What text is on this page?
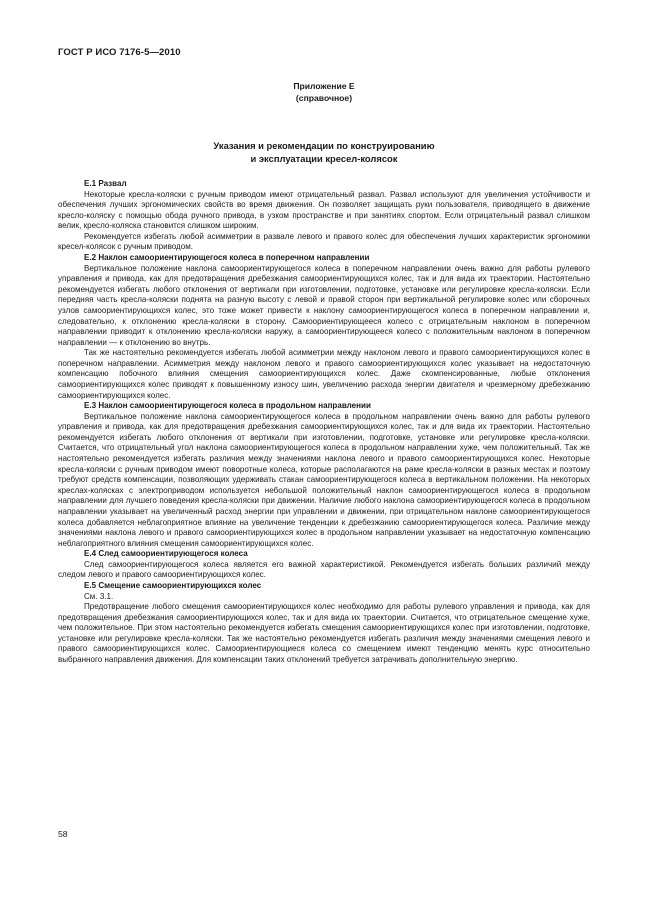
ГОСТ Р ИСО 7176-5—2010
Приложение Е
(справочное)
Указания и рекомендации по конструированию
и эксплуатации кресел-колясок
Е.1 Развал

Некоторые кресла-коляски с ручным приводом имеют отрицательный развал. Развал используют для увеличения устойчивости и обеспечения лучших эргономических свойств во время движения. Он позволяет защищать руки пользователя, приводящего в движение кресло-коляску с помощью обода ручного привода, в узком пространстве и при занятиях спортом. Если отрицательный развал слишком велик, кресло-коляска становится слишком широким.

Рекомендуется избегать любой асимметрии в развале левого и правого колес для обеспечения лучших характеристик эргономики кресел-колясок с ручным приводом.

Е.2 Наклон самоориентирующегося колеса в поперечном направлении

Вертикальное положение наклона самоориентирующегося колеса в поперечном направлении очень важно для работы рулевого управления и привода, как для предотвращения дребезжания самоориентирующихся колес, так и для вида их траектории. Настоятельно рекомендуется избегать любого отклонения от вертикали при изготовлении, подготовке, установке или регулировке кресла-коляски. Если передняя часть кресла-коляски поднята на разную высоту с левой и правой сторон при вертикальной регулировке колес или сборочных узлов самоориентирующихся колес, это тоже может привести к наклону самоориентирующегося колеса в поперечном направлении и, следовательно, к отклонению кресла-коляски в сторону. Самоориентирующееся колесо с отрицательным наклоном в поперечном направлении приводит к отклонению кресла-коляски наружу, а самоориентирующееся колесо с положительным наклоном в поперечном направлении — к отклонению во внутрь.

Так же настоятельно рекомендуется избегать любой асимметрии между наклоном левого и правого самоориентирующихся колес в поперечном направлении. Асимметрия между наклоном левого и правого самоориентирующихся колес указывает на недостаточную компенсацию побочного влияния смещения самоориентирующихся колес. Даже скомпенсированные, любые отклонения самоориентирующихся колес приводят к повышенному износу шин, увеличению расхода энергии двигателя и чрезмерному дребезжанию самоориентирующихся колес.

Е.3 Наклон самоориентирующегося колеса в продольном направлении

Вертикальное положение наклона самоориентирующегося колеса в продольном направлении очень важно для работы рулевого управления и привода, как для предотвращения дребезжания самоориентирующихся колес, так и для вида их траектории. Настоятельно рекомендуется избегать любого отклонения от вертикали при изготовлении, подготовке, установке или регулировке кресла-коляски. Считается, что отрицательный угол наклона самоориентирующегося колеса в продольном направлении хуже, чем положительный. Так же настоятельно рекомендуется избегать различия между значениями наклона левого и правого самоориентирующихся колес. Некоторые кресла-коляски с ручным приводом имеют поворотные колеса, которые располагаются на раме кресла-коляски в разных местах и поэтому требуют средств компенсации, позволяющих удерживать стакан самоориентирующегося колеса в вертикальном положении. На некоторых креслах-колясках с электроприводом используется небольшой положительный наклон самоориентирующегося колеса в продольном направлении для лучшего поведения кресла-коляски при движении. Наличие любого наклона самоориентирующегося колеса в продольном направлении указывает на увеличенный расход энергии при управлении и движении, при отрицательном наклоне самоориентирующегося колеса добавляется неблагоприятное влияние на увеличение тенденции к дребезжанию самоориентирующегося колеса. Различие между значениями наклона левого и правого самоориентирующихся колес в продольном направлении указывает на недостаточную компенсацию неблагоприятного влияния смещения самоориентирующихся колес.

Е.4 След самоориентирующегося колеса

След самоориентирующегося колеса является его важной характеристикой. Рекомендуется избегать больших различий между следом левого и правого самоориентирующихся колес.

Е.5 Смещение самоориентирующихся колес

См. 3.1.

Предотвращение любого смещения самоориентирующихся колес необходимо для работы рулевого управления и привода, как для предотвращения дребезжания самоориентирующихся колес, так и для вида их траектории. Считается, что отрицательное смещение хуже, чем положительное. При этом настоятельно рекомендуется избегать смещения самоориентирующихся колес при изготовлении, подготовке, установке или регулировке кресла-коляски. Так же настоятельно рекомендуется избегать различия между значениями смещения левого и правого самоориентирующихся колес. Самоориентирующиеся колеса со смещением имеют тенденцию менять курс относительно выбранного направления движения. Для компенсации таких отклонений требуется затрачивать дополнительную энергию.

58
